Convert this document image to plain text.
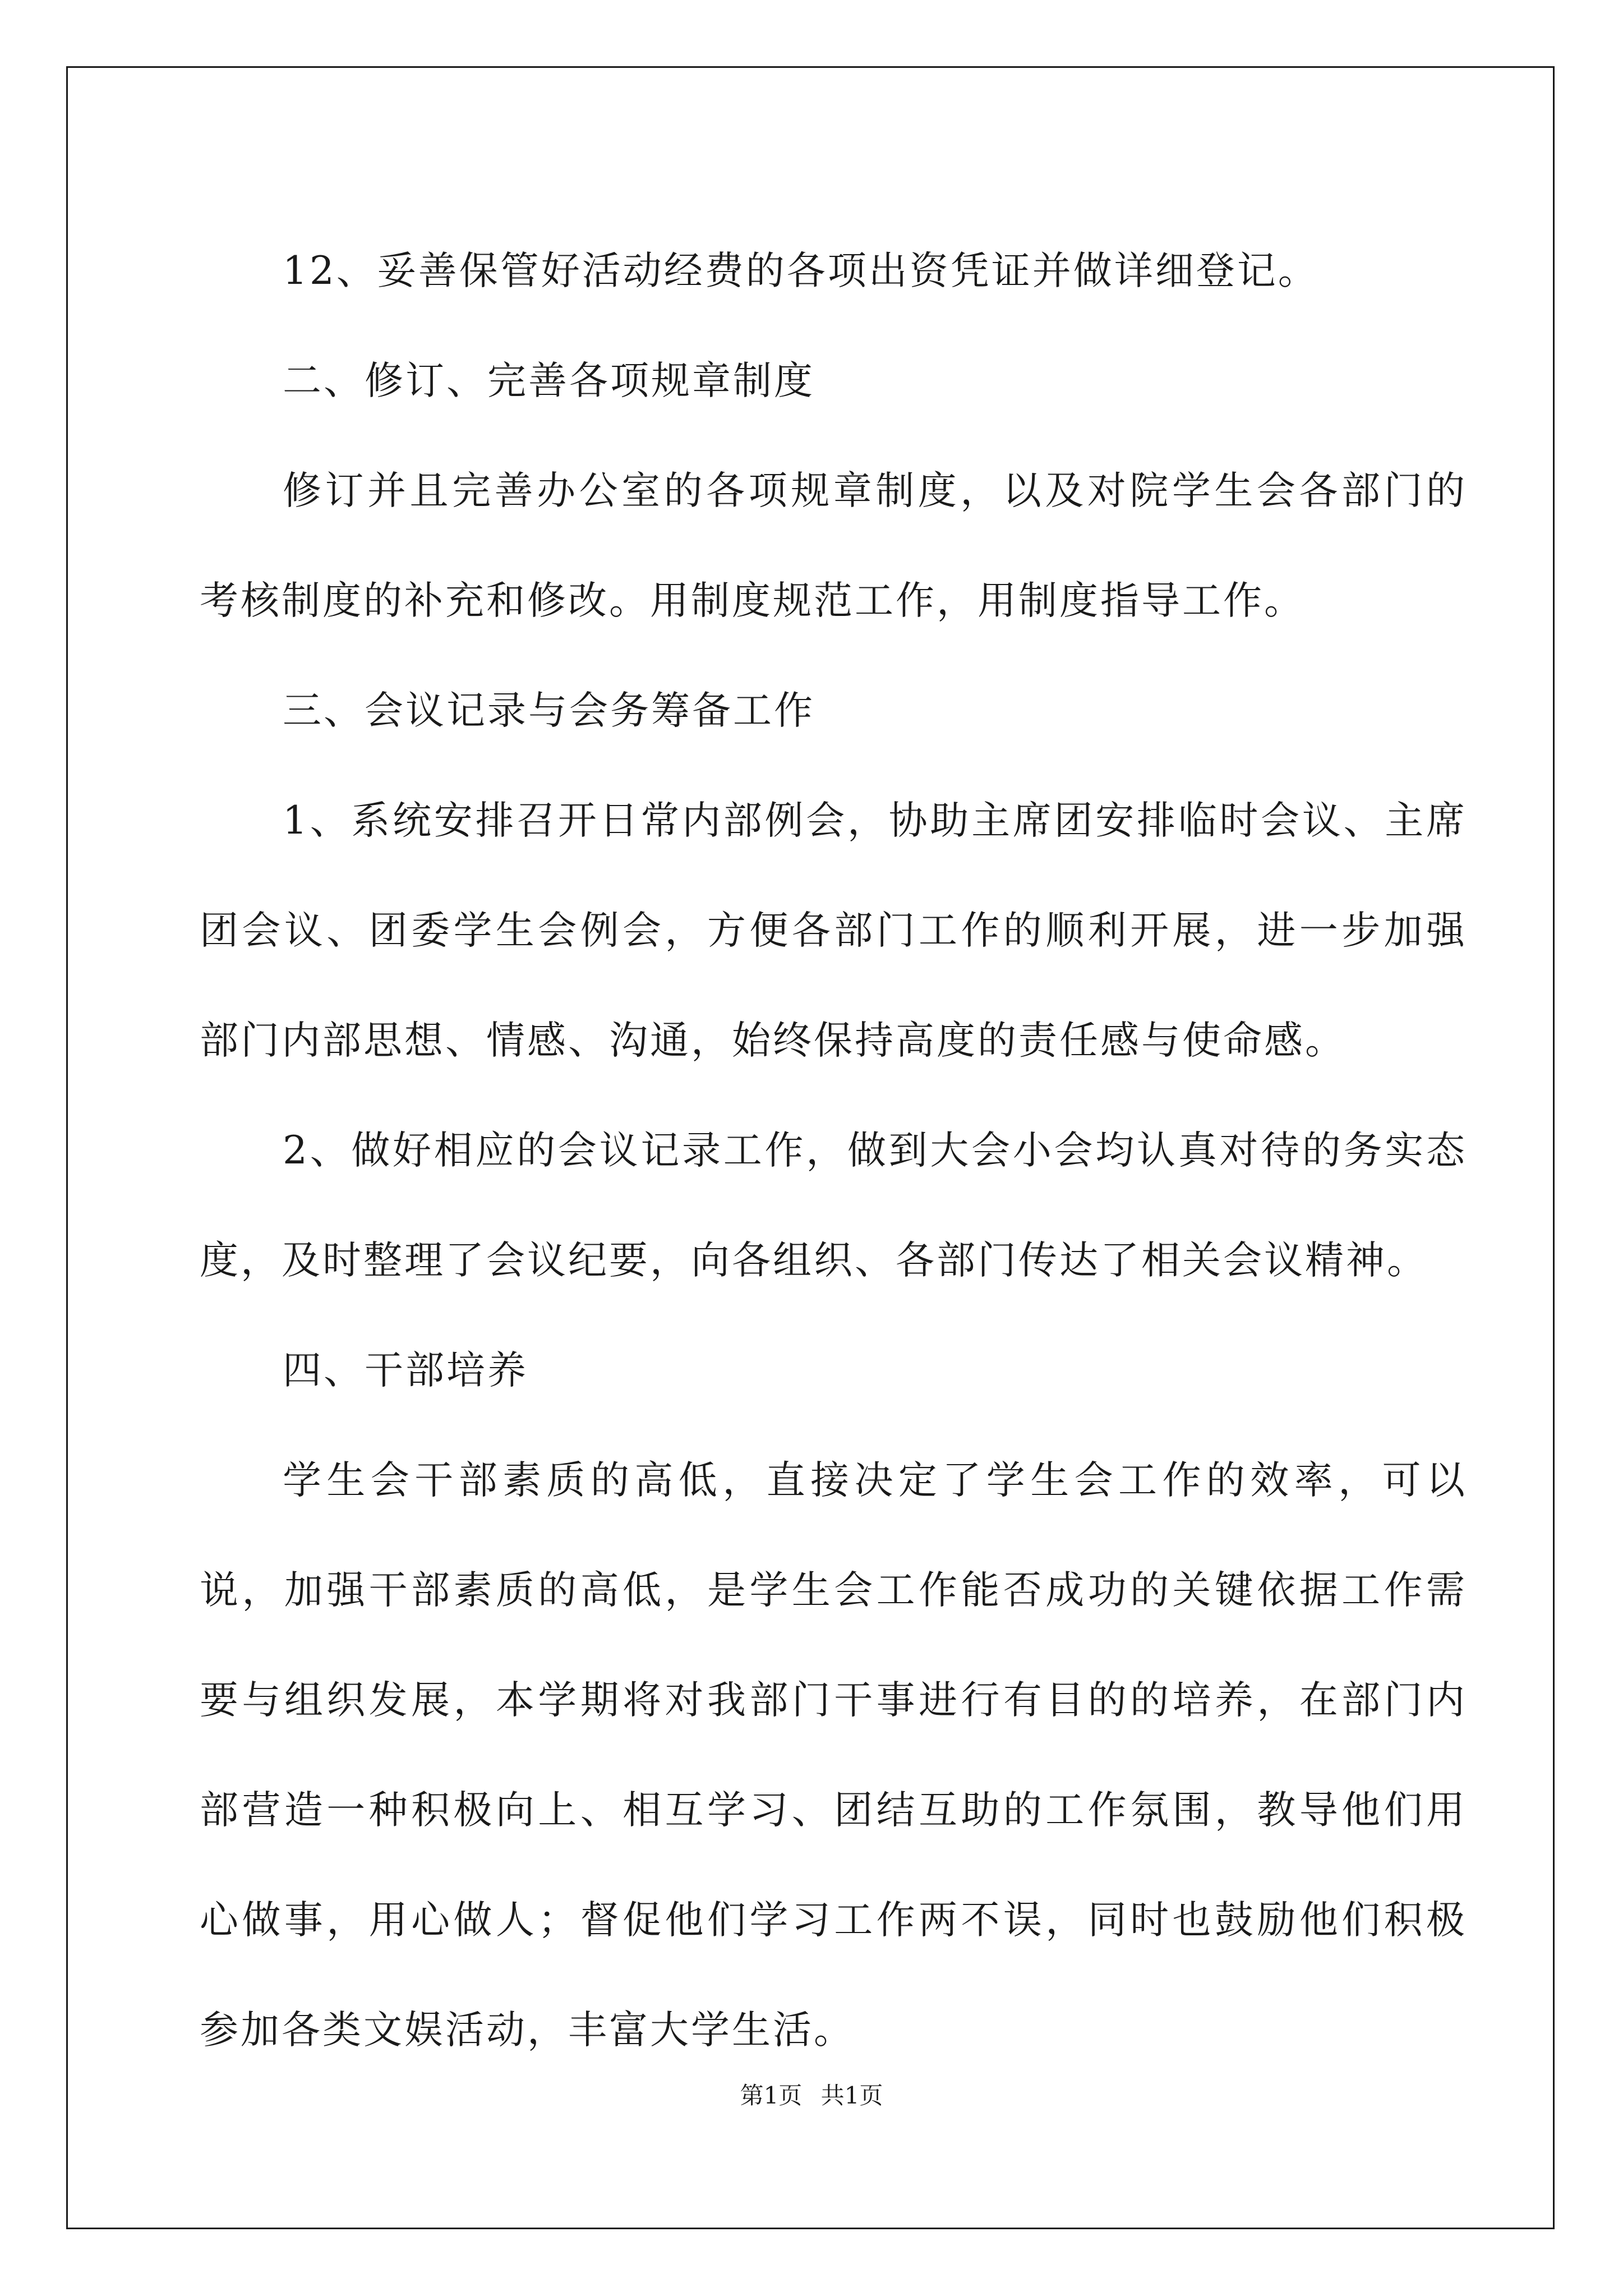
12、妥善保管好活动经费的各项出资凭证并做详细登记。

二、修订、完善各项规章制度

修订并且完善办公室的各项规章制度，以及对院学生会各部门的考核制度的补充和修改。用制度规范工作，用制度指导工作。

三、会议记录与会务筹备工作

1、系统安排召开日常内部例会，协助主席团安排临时会议、主席团会议、团委学生会例会，方便各部门工作的顺利开展，进一步加强部门内部思想、情感、沟通，始终保持高度的责任感与使命感。

2、做好相应的会议记录工作，做到大会小会均认真对待的务实态度，及时整理了会议纪要，向各组织、各部门传达了相关会议精神。

四、干部培养

学生会干部素质的高低，直接决定了学生会工作的效率，可以说，加强干部素质的高低，是学生会工作能否成功的关键依据工作需要与组织发展，本学期将对我部门干事进行有目的的培养，在部门内部营造一种积极向上、相互学习、团结互助的工作氛围，教导他们用心做事，用心做人；督促他们学习工作两不误，同时也鼓励他们积极参加各类文娱活动，丰富大学生活。

第1页 共1页
